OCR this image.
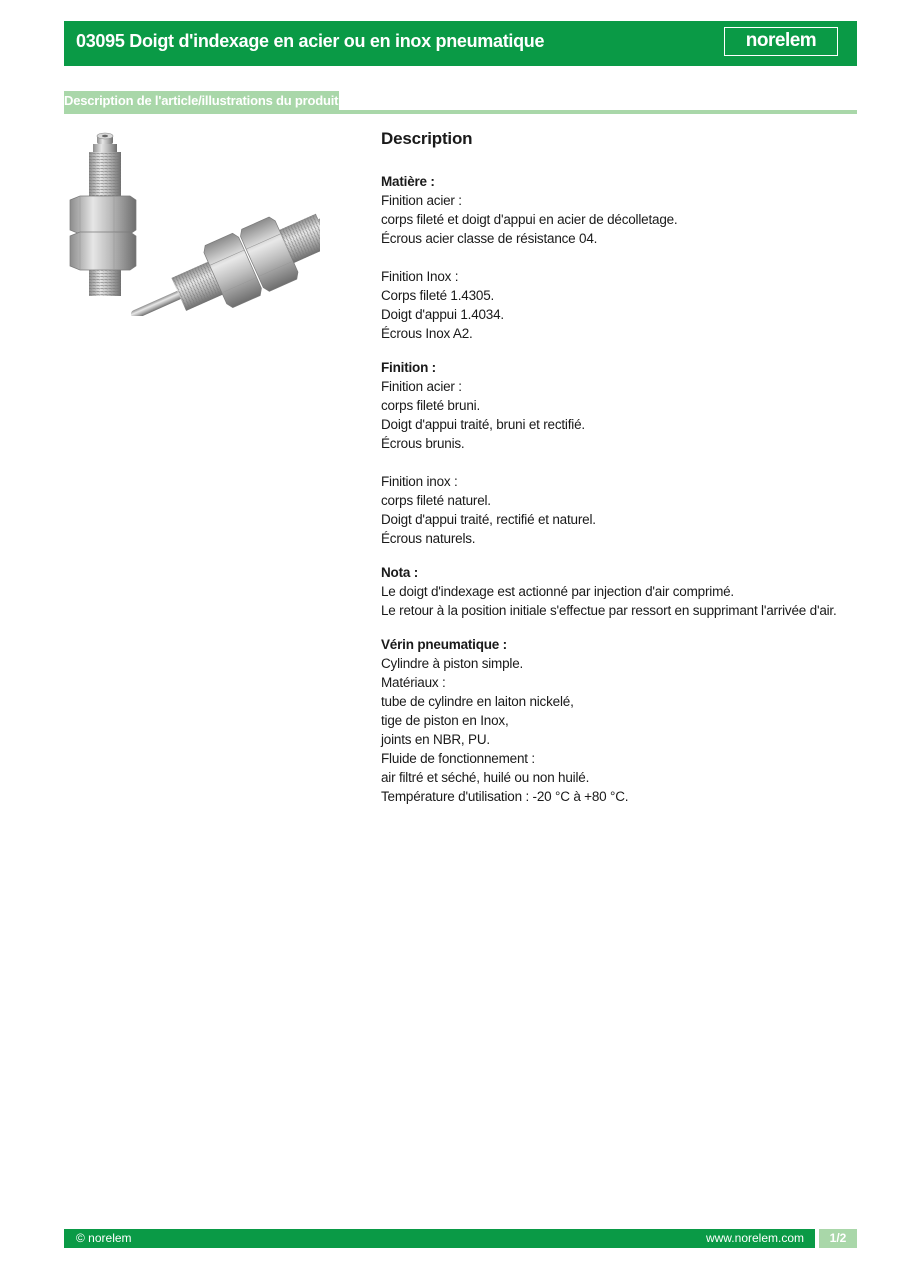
03095 Doigt d'indexage en acier ou en inox pneumatique	norelem
Description de l'article/illustrations du produit
Description
Matière :
Finition acier :
corps fileté et doigt d'appui en acier de décolletage.
Écrous acier classe de résistance 04.
Finition Inox :
Corps fileté 1.4305.
Doigt d'appui 1.4034.
Écrous Inox A2.
Finition :
Finition acier :
corps fileté bruni.
Doigt d'appui traité, bruni et rectifié.
Écrous brunis.
Finition inox :
corps fileté naturel.
Doigt d'appui traité, rectifié et naturel.
Écrous naturels.
Nota :
Le doigt d'indexage est actionné par injection d'air comprimé.
Le retour à la position initiale s'effectue par ressort en supprimant l'arrivée d'air.
Vérin pneumatique :
Cylindre à piston simple.
Matériaux :
tube de cylindre en laiton nickelé,
tige de piston en Inox,
joints en NBR, PU.
Fluide de fonctionnement :
air filtré et séché, huilé ou non huilé.
Température d'utilisation : -20 °C à +80 °C.
© norelem	www.norelem.com	1/2
